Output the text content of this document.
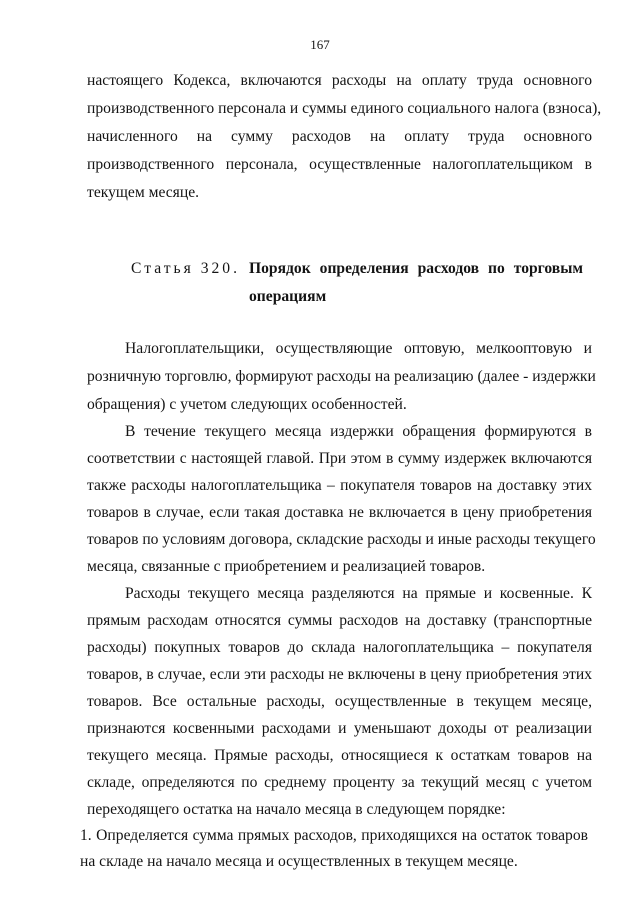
167
настоящего Кодекса, включаются расходы на оплату труда основного
производственного персонала и суммы единого социального налога (взноса),
начисленного на сумму расходов на оплату труда основного
производственного персонала, осуществленные налогоплательщиком в
текущем месяце.
Статья 320. Порядок определения расходов по торговым
операциям
Налогоплательщики, осуществляющие оптовую, мелкооптовую и
розничную торговлю, формируют расходы на реализацию (далее - издержки
обращения) с учетом следующих особенностей.
В течение текущего месяца издержки обращения формируются в
соответствии с настоящей главой. При этом в сумму издержек включаются
также расходы налогоплательщика – покупателя товаров на доставку этих
товаров в случае, если такая доставка не включается в цену приобретения
товаров по условиям договора, складские расходы и иные расходы текущего
месяца, связанные с приобретением и реализацией товаров.
Расходы текущего месяца разделяются на прямые и косвенные. К
прямым расходам относятся суммы расходов на доставку (транспортные
расходы) покупных товаров до склада налогоплательщика – покупателя
товаров, в случае, если эти расходы не включены в цену приобретения этих
товаров. Все остальные расходы, осуществленные в текущем месяце,
признаются косвенными расходами и уменьшают доходы от реализации
текущего месяца. Прямые расходы, относящиеся к остаткам товаров на
складе, определяются по среднему проценту за текущий месяц с учетом
переходящего остатка на начало месяца в следующем порядке:
1. Определяется сумма прямых расходов, приходящихся на остаток товаров
на складе на начало месяца и осуществленных в текущем месяце.
